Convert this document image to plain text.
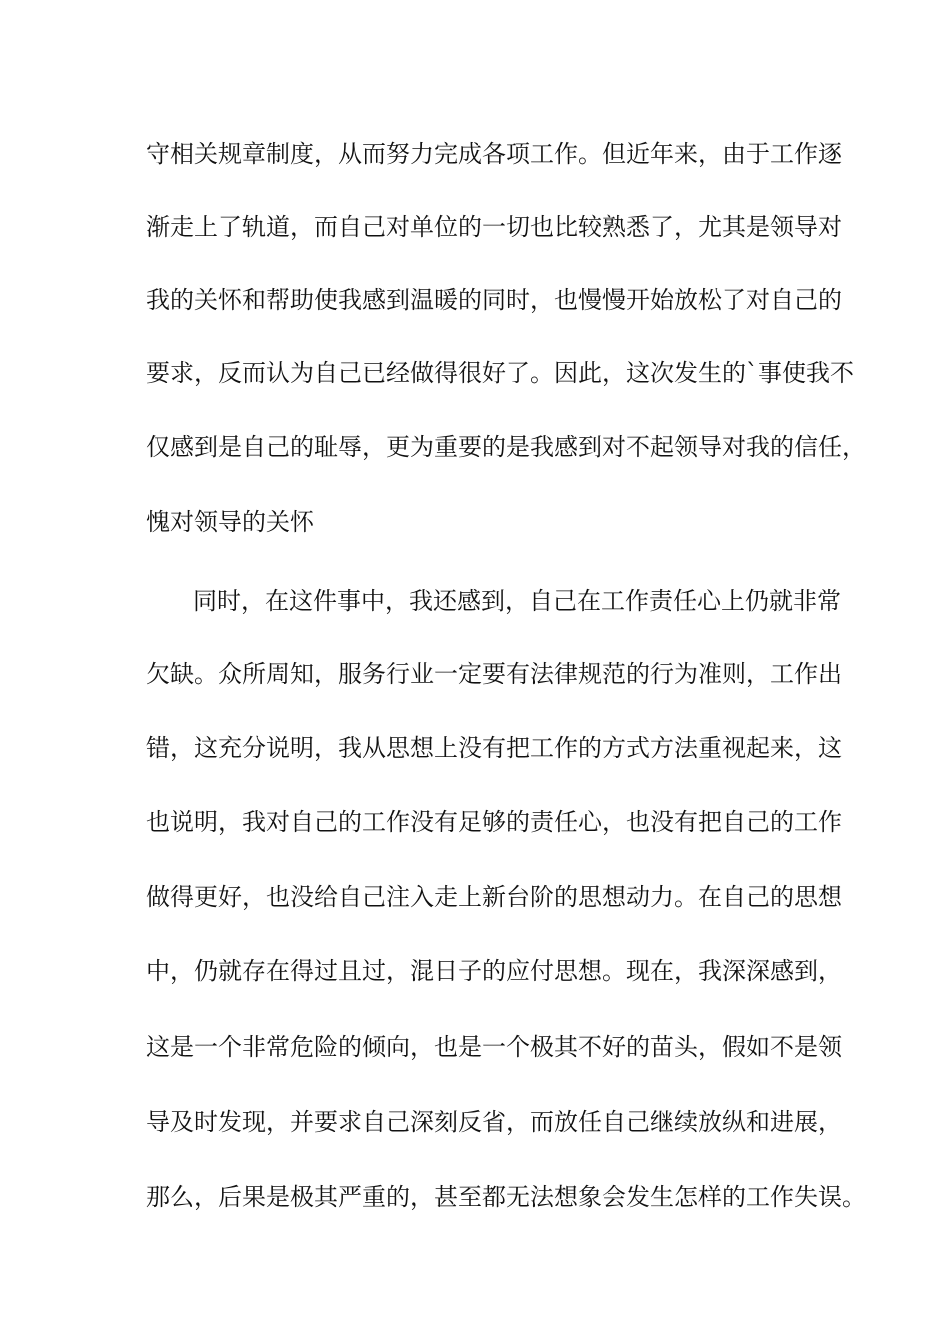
守相关规章制度，从而努力完成各项工作。但近年来，由于工作逐
渐走上了轨道，而自己对单位的一切也比较熟悉了，尤其是领导对
我的关怀和帮助使我感到温暖的同时，也慢慢开始放松了对自己的
要求，反而认为自己已经做得很好了。因此，这次发生的`事使我不
仅感到是自己的耻辱，更为重要的是我感到对不起领导对我的信任，
愧对领导的关怀
同时，在这件事中，我还感到，自己在工作责任心上仍就非常
欠缺。众所周知，服务行业一定要有法律规范的行为准则，工作出
错，这充分说明，我从思想上没有把工作的方式方法重视起来，这
也说明，我对自己的工作没有足够的责任心，也没有把自己的工作
做得更好，也没给自己注入走上新台阶的思想动力。在自己的思想
中，仍就存在得过且过，混日子的应付思想。现在，我深深感到，
这是一个非常危险的倾向，也是一个极其不好的苗头，假如不是领
导及时发现，并要求自己深刻反省，而放任自己继续放纵和进展，
那么，后果是极其严重的，甚至都无法想象会发生怎样的工作失误。
